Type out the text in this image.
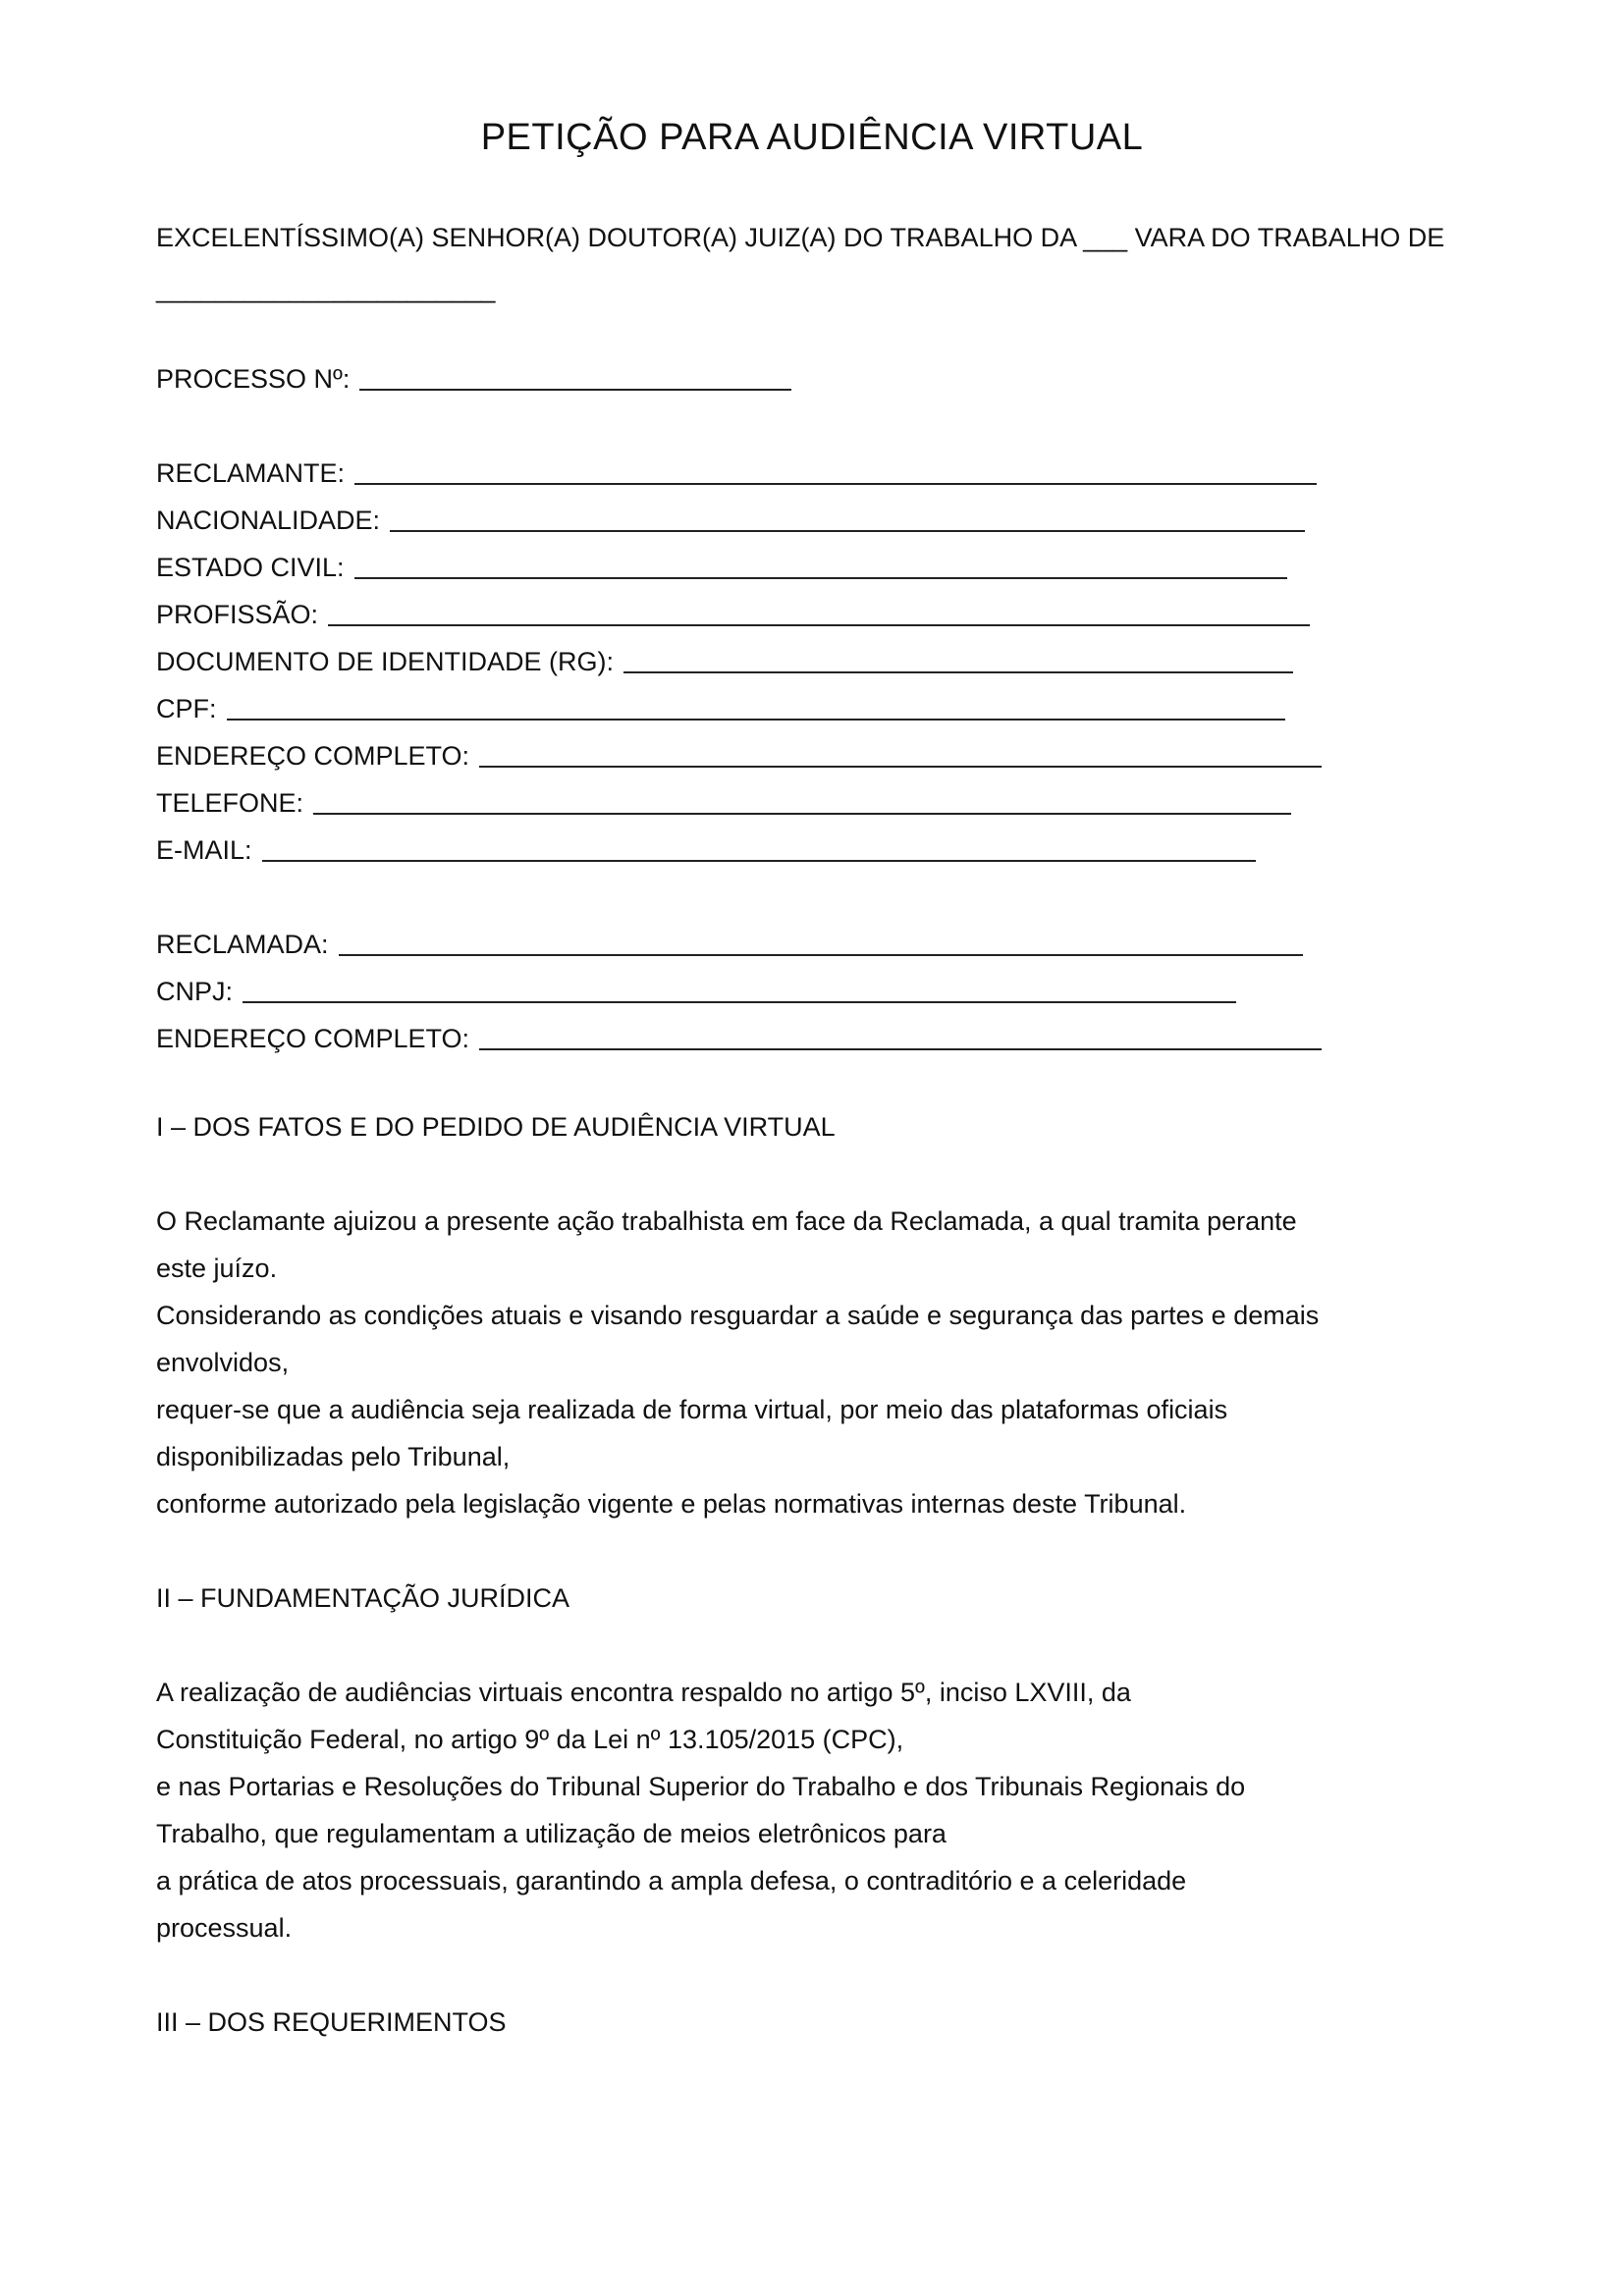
PETIÇÃO PARA AUDIÊNCIA VIRTUAL
EXCELENTÍSSIMO(A) SENHOR(A) DOUTOR(A) JUIZ(A) DO TRABALHO DA ___ VARA DO TRABALHO DE
_______________________
PROCESSO Nº:
RECLAMANTE:
NACIONALIDADE:
ESTADO CIVIL:
PROFISSÃO:
DOCUMENTO DE IDENTIDADE (RG):
CPF:
ENDEREÇO COMPLETO:
TELEFONE:
E-MAIL:
RECLAMADA:
CNPJ:
ENDEREÇO COMPLETO:
I – DOS FATOS E DO PEDIDO DE AUDIÊNCIA VIRTUAL
O Reclamante ajuizou a presente ação trabalhista em face da Reclamada, a qual tramita perante
este juízo.
Considerando as condições atuais e visando resguardar a saúde e segurança das partes e demais
envolvidos,
requer-se que a audiência seja realizada de forma virtual, por meio das plataformas oficiais
disponibilizadas pelo Tribunal,
conforme autorizado pela legislação vigente e pelas normativas internas deste Tribunal.
II – FUNDAMENTAÇÃO JURÍDICA
A realização de audiências virtuais encontra respaldo no artigo 5º, inciso LXVIII, da
Constituição Federal, no artigo 9º da Lei nº 13.105/2015 (CPC),
e nas Portarias e Resoluções do Tribunal Superior do Trabalho e dos Tribunais Regionais do
Trabalho, que regulamentam a utilização de meios eletrônicos para
a prática de atos processuais, garantindo a ampla defesa, o contraditório e a celeridade
processual.
III – DOS REQUERIMENTOS
